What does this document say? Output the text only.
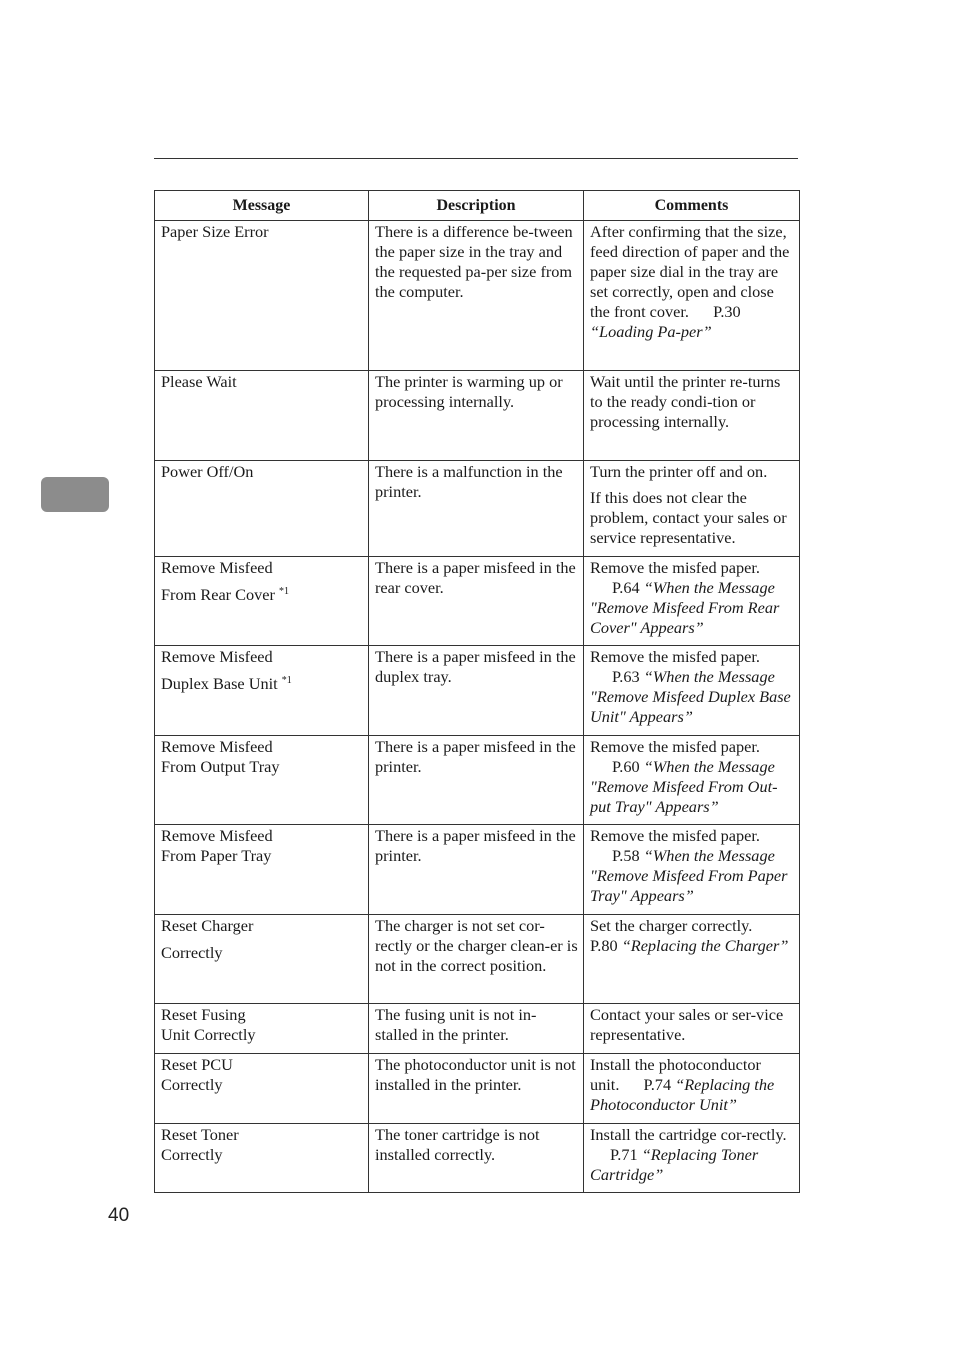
Message	Description	Comments

Paper Size Error	There is a difference be-tween the paper size in the tray and the requested pa-per size from the computer.	After confirming that the size, feed direction of paper and the paper size dial in the tray are set correctly, open and close the front cover. P.30 “Loading Pa-per”

Please Wait	The printer is warming up or processing internally.	Wait until the printer re-turns to the ready condi-tion or processing internally.

Power Off/On	There is a malfunction in the printer.	Turn the printer off and on.
If this does not clear the problem, contact your sales or service representative.

Remove Misfeed
From Rear Cover $^{*1}$	There is a paper misfeed in the rear cover.	Remove the misfed paper.
P.64 “When the Message "Remove Misfeed From Rear Cover" Appears”

Remove Misfeed
Duplex Base Unit $^{*1}$	There is a paper misfeed in the duplex tray.	Remove the misfed paper.
P.63 “When the Message "Remove Misfeed Duplex Base Unit" Appears”

Remove Misfeed
From Output Tray	There is a paper misfeed in the printer.	Remove the misfed paper.
P.60 “When the Message "Remove Misfeed From Out-put Tray" Appears”

Remove Misfeed
From Paper Tray	There is a paper misfeed in the printer.	Remove the misfed paper.
P.58 “When the Message "Remove Misfeed From Paper Tray" Appears”

Reset Charger
Correctly	The charger is not set cor-rectly or the charger clean-er is not in the correct position.	Set the charger correctly.
P.80 “Replacing the Charger”

Reset Fusing
Unit Correctly	The fusing unit is not in-stalled in the printer.	Contact your sales or ser-vice representative.

Reset PCU
Correctly	The photoconductor unit is not installed in the printer.	Install the photoconductor unit. P.74 “Replacing the Photoconductor Unit”

Reset Toner
Correctly	The toner cartridge is not installed correctly.	Install the cartridge cor-rectly. P.71 “Replacing Toner Cartridge”
40
